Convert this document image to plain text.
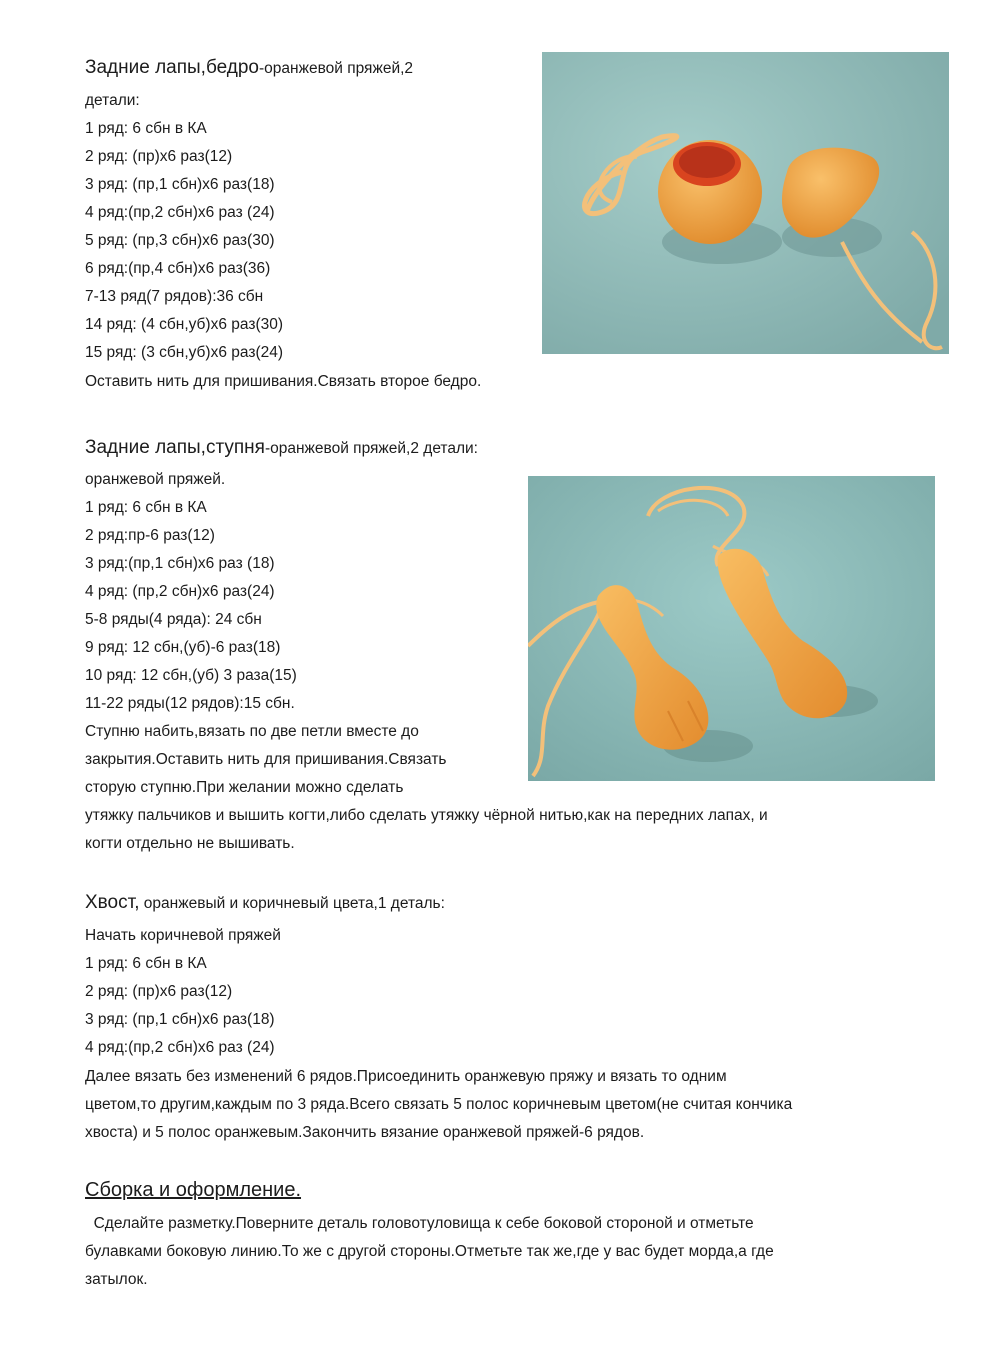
Задние лапы,бедро-оранжевой пряжей,2
детали:
1 ряд: 6 сбн в КА
2 ряд: (пр)х6 раз(12)
3 ряд: (пр,1 сбн)х6 раз(18)
4 ряд:(пр,2 сбн)х6 раз (24)
5 ряд: (пр,3 сбн)х6 раз(30)
6 ряд:(пр,4 сбн)х6 раз(36)
7-13 ряд(7 рядов):36 сбн
14 ряд: (4 сбн,уб)х6 раз(30)
15 ряд: (3 сбн,уб)х6 раз(24)
Оставить нить для пришивания.Связать второе бедро.
Задние лапы,ступня-оранжевой пряжей,2 детали:
оранжевой пряжей.
1 ряд: 6 сбн в КА
2 ряд:пр-6 раз(12)
3 ряд:(пр,1 сбн)х6 раз (18)
4 ряд: (пр,2 сбн)х6 раз(24)
5-8 ряды(4 ряда): 24 сбн
9 ряд: 12 сбн,(уб)-6 раз(18)
10 ряд: 12 сбн,(уб) 3 раза(15)
11-22 ряды(12 рядов):15 сбн.
Ступню набить,вязать по две петли вместе до
закрытия.Оставить нить для пришивания.Связать
сторую ступню.При желании можно сделать
утяжку пальчиков и вышить когти,либо сделать утяжку чёрной нитью,как на передних лапах, и
когти отдельно не вышивать.
Хвост, оранжевый и коричневый цвета,1 деталь:
Начать коричневой пряжей
1 ряд: 6 сбн в КА
2 ряд: (пр)х6 раз(12)
3 ряд: (пр,1 сбн)х6 раз(18)
4 ряд:(пр,2 сбн)х6 раз (24)
Далее вязать без изменений 6 рядов.Присоединить оранжевую пряжу и вязать то одним
цветом,то другим,каждым по 3 ряда.Всего связать 5 полос коричневым цветом(не считая кончика
хвоста) и 5 полос оранжевым.Закончить вязание оранжевой пряжей-6 рядов.
Сборка и оформление.
Сделайте разметку.Поверните деталь головотуловища к себе боковой стороной и отметьте
булавками боковую линию.То же с другой стороны.Отметьте так же,где у вас будет морда,а где
затылок.
